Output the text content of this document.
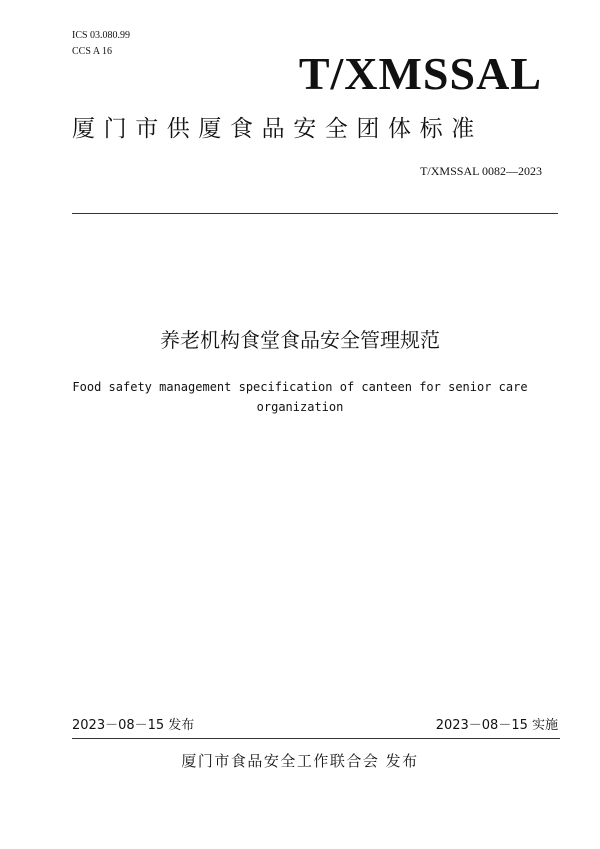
ICS 03.080.99
CCS A 16	T/XMSSAL
厦门市供厦食品安全团体标准
T/XMSSAL 0082—2023
养老机构食堂食品安全管理规范
Food safety management specification of canteen for senior care
organization
2023－08－15 发布	2023－08－15 实施
厦门市食品安全工作联合会 发布
